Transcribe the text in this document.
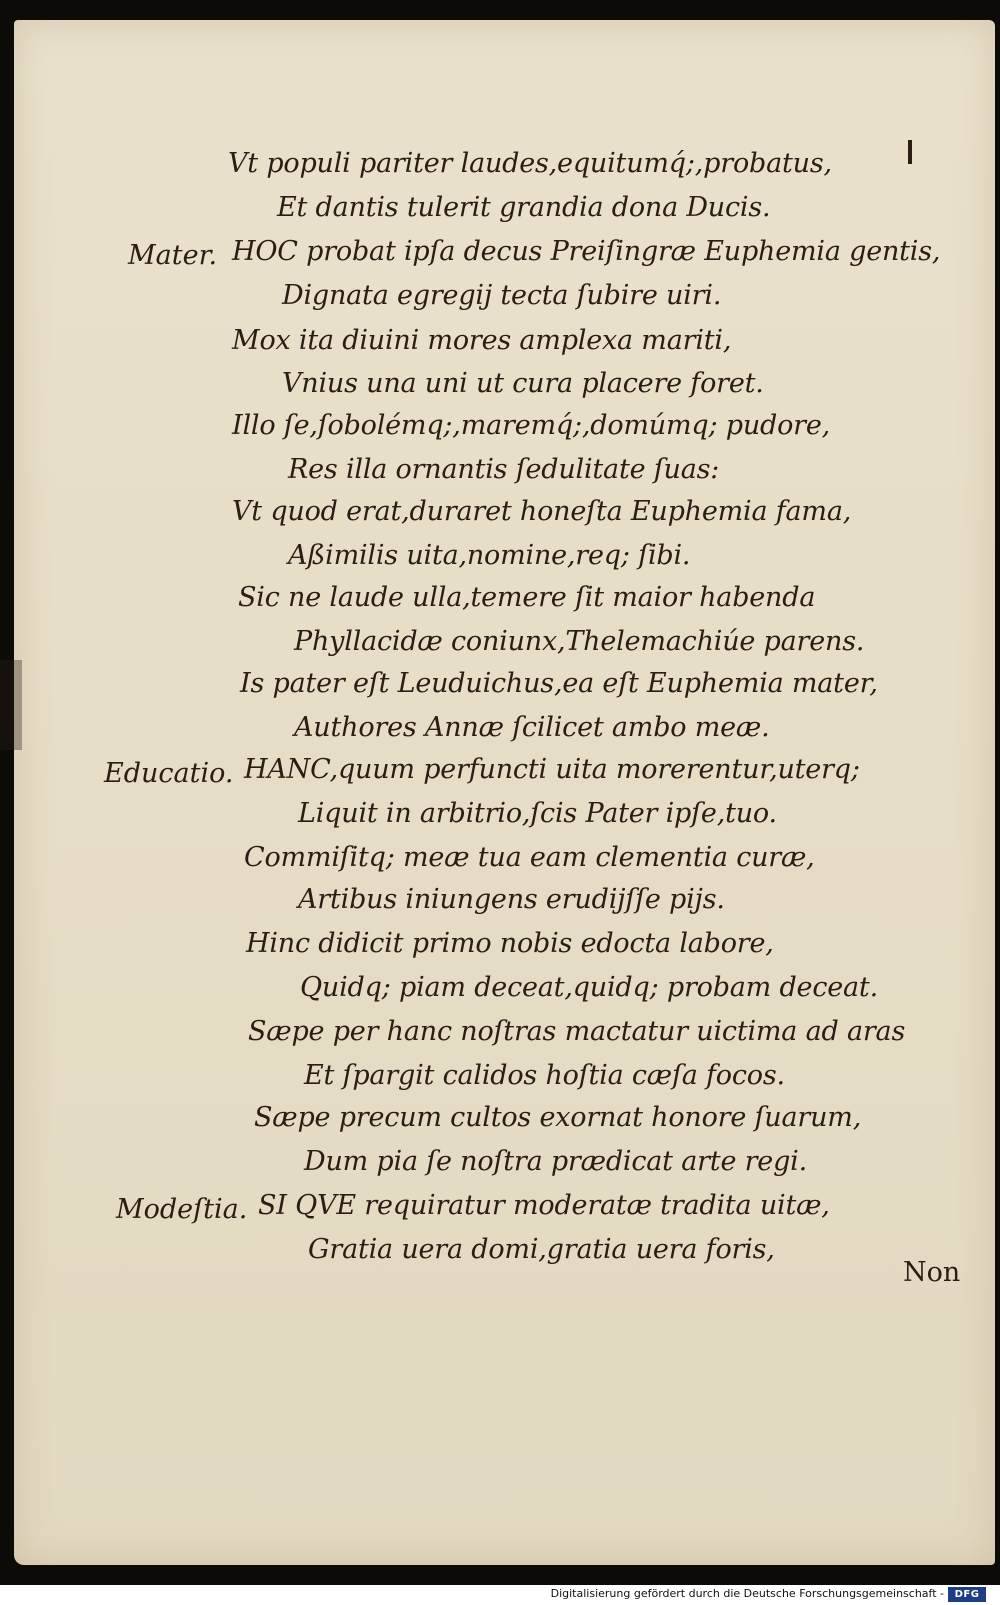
Vt populi pariter laudes,equitumq́;,probatus,
Et dantis tulerit grandia dona Ducis.
Mater. HOC probat ipſa decus Preiſingræ Euphemia gentis,
Dignata egregij tecta ſubire uiri.
Mox ita diuini mores amplexa mariti,
Vnius una uni ut cura placere foret.
Illo ſe,ſobolémq;,maremq́;,domúmq; pudore,
Res illa ornantis ſedulitate ſuas:
Vt quod erat,duraret honeſta Euphemia fama,
Aßimilis uita,nomine,req; ſibi.
Sic ne laude ulla,temere ſit maior habenda
Phyllacidæ coniunx,Thelemachiúe parens.
Is pater eſt Leuduichus,ea eſt Euphemia mater,
Authores Annæ ſcilicet ambo meæ.
Educatio. HANC,quum perfuncti uita morerentur,uterq;
Liquit in arbitrio,ſcis Pater ipſe,tuo.
Commiſitq; meæ tua eam clementia curæ,
Artibus iniungens erudijſſe pijs.
Hinc didicit primo nobis edocta labore,
Quidq; piam deceat,quidq; probam deceat.
Sæpe per hanc noſtras mactatur uictima ad aras
Et ſpargit calidos hoſtia cæſa focos.
Sæpe precum cultos exornat honore ſuarum,
Dum pia ſe noſtra prædicat arte regi.
Modeſtia. SI QVE requiratur moderatæ tradita uitæ,
Gratia uera domi,gratia uera foris,
Non
Digitalisierung gefördert durch die Deutsche Forschungsgemeinschaft -	DFG
